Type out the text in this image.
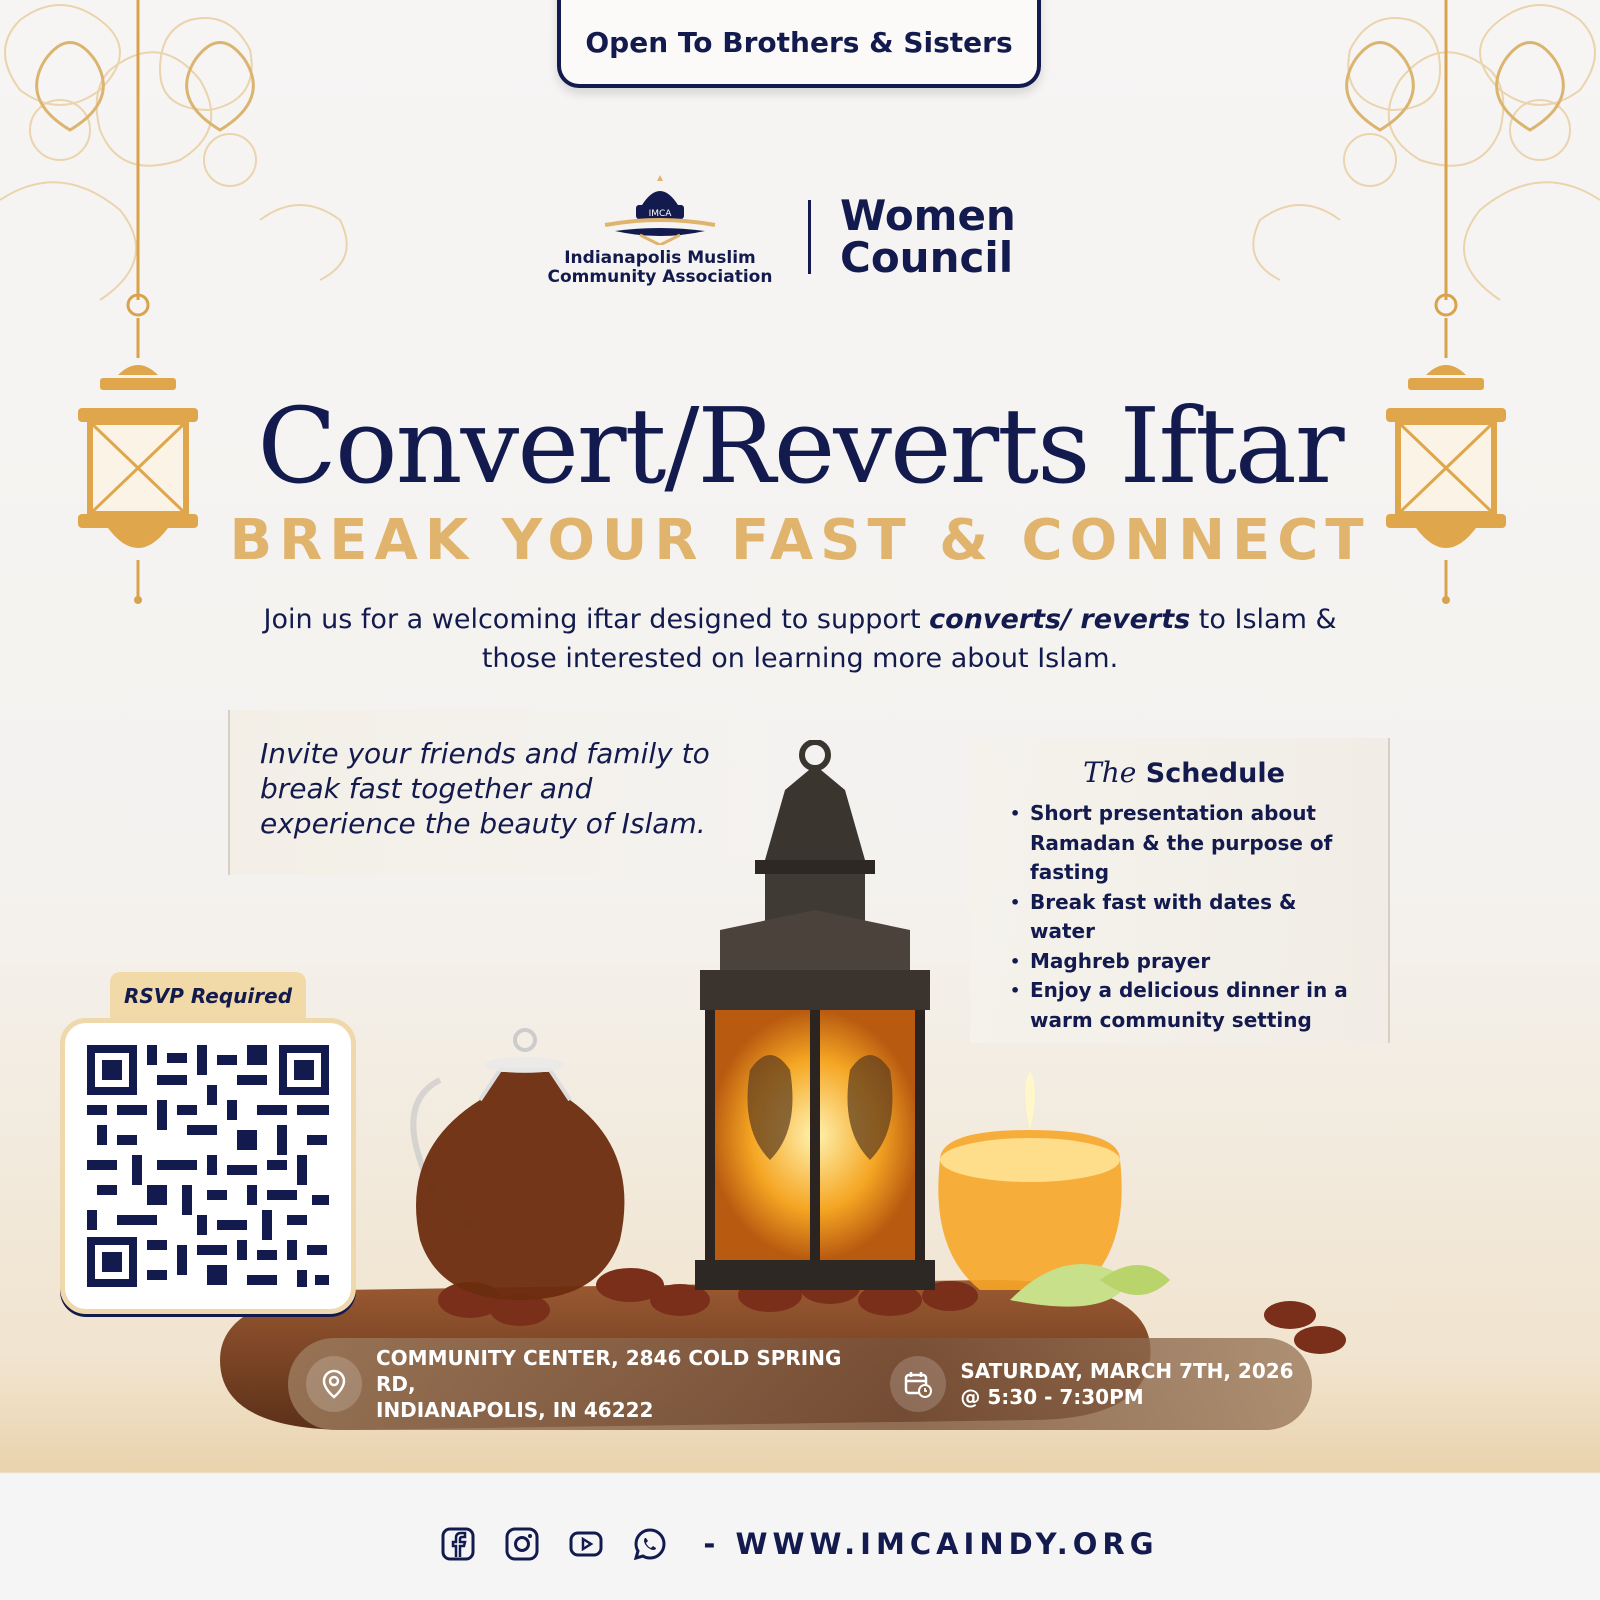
Open To Brothers & Sisters
IMCA
Indianapolis Muslim
Community Association
Women
Council
Convert/Reverts Iftar
BREAK YOUR FAST & CONNECT
Join us for a welcoming iftar designed to support converts/ reverts to Islam & those interested on learning more about Islam.
Invite your friends and family to break fast together and experience the beauty of Islam.
The Schedule
• Short presentation about Ramadan & the purpose of fasting
• Break fast with dates & water
• Maghreb prayer
• Enjoy a delicious dinner in a warm community setting
RSVP Required
COMMUNITY CENTER, 2846 COLD SPRING RD,
INDIANAPOLIS, IN 46222
SATURDAY, MARCH 7TH, 2026
@ 5:30 - 7:30PM
- WWW.IMCAINDY.ORG
